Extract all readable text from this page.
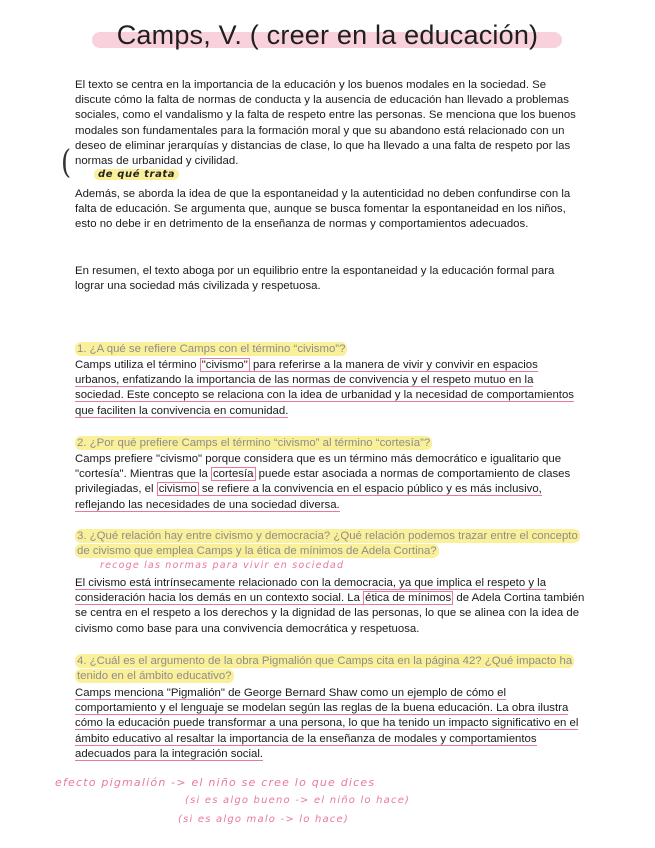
Camps, V. ( creer en la educación)
El texto se centra en la importancia de la educación y los buenos modales en la sociedad. Se discute cómo la falta de normas de conducta y la ausencia de educación han llevado a problemas sociales, como el vandalismo y la falta de respeto entre las personas. Se menciona que los buenos modales son fundamentales para la formación moral y que su abandono está relacionado con un deseo de eliminar jerarquías y distancias de clase, lo que ha llevado a una falta de respeto por las normas de urbanidad y civilidad.
(	de qué trata
Además, se aborda la idea de que la espontaneidad y la autenticidad no deben confundirse con la falta de educación. Se argumenta que, aunque se busca fomentar la espontaneidad en los niños, esto no debe ir en detrimento de la enseñanza de normas y comportamientos adecuados.
En resumen, el texto aboga por un equilibrio entre la espontaneidad y la educación formal para lograr una sociedad más civilizada y respetuosa.
1. ¿A qué se refiere Camps con el término “civismo”?
Camps utiliza el término "civismo" para referirse a la manera de vivir y convivir en espacios urbanos, enfatizando la importancia de las normas de convivencia y el respeto mutuo en la sociedad. Este concepto se relaciona con la idea de urbanidad y la necesidad de comportamientos que faciliten la convivencia en comunidad.
2. ¿Por qué prefiere Camps el término “civismo” al término “cortesía”?
Camps prefiere "civismo" porque considera que es un término más democrático e igualitario que "cortesía". Mientras que la cortesía puede estar asociada a normas de comportamiento de clases privilegiadas, el civismo se refiere a la convivencia en el espacio público y es más inclusivo, reflejando las necesidades de una sociedad diversa.
3. ¿Qué relación hay entre civismo y democracia? ¿Qué relación podemos trazar entre el concepto de civismo que emplea Camps y la ética de mínimos de Adela Cortina?
recoge las normas para vivir en sociedad
El civismo está intrínsecamente relacionado con la democracia, ya que implica el respeto y la consideración hacia los demás en un contexto social. La ética de mínimos de Adela Cortina también se centra en el respeto a los derechos y la dignidad de las personas, lo que se alinea con la idea de civismo como base para una convivencia democrática y respetuosa.
4. ¿Cuál es el argumento de la obra Pigmalión que Camps cita en la página 42? ¿Qué impacto ha tenido en el ámbito educativo?
Camps menciona "Pigmalión" de George Bernard Shaw como un ejemplo de cómo el comportamiento y el lenguaje se modelan según las reglas de la buena educación. La obra ilustra cómo la educación puede transformar a una persona, lo que ha tenido un impacto significativo en el ámbito educativo al resaltar la importancia de la enseñanza de modales y comportamientos adecuados para la integración social.
efecto pigmalión -> el niño se cree lo que dices
(si es algo bueno -> el niño lo hace)
(si es algo malo -> lo hace)
